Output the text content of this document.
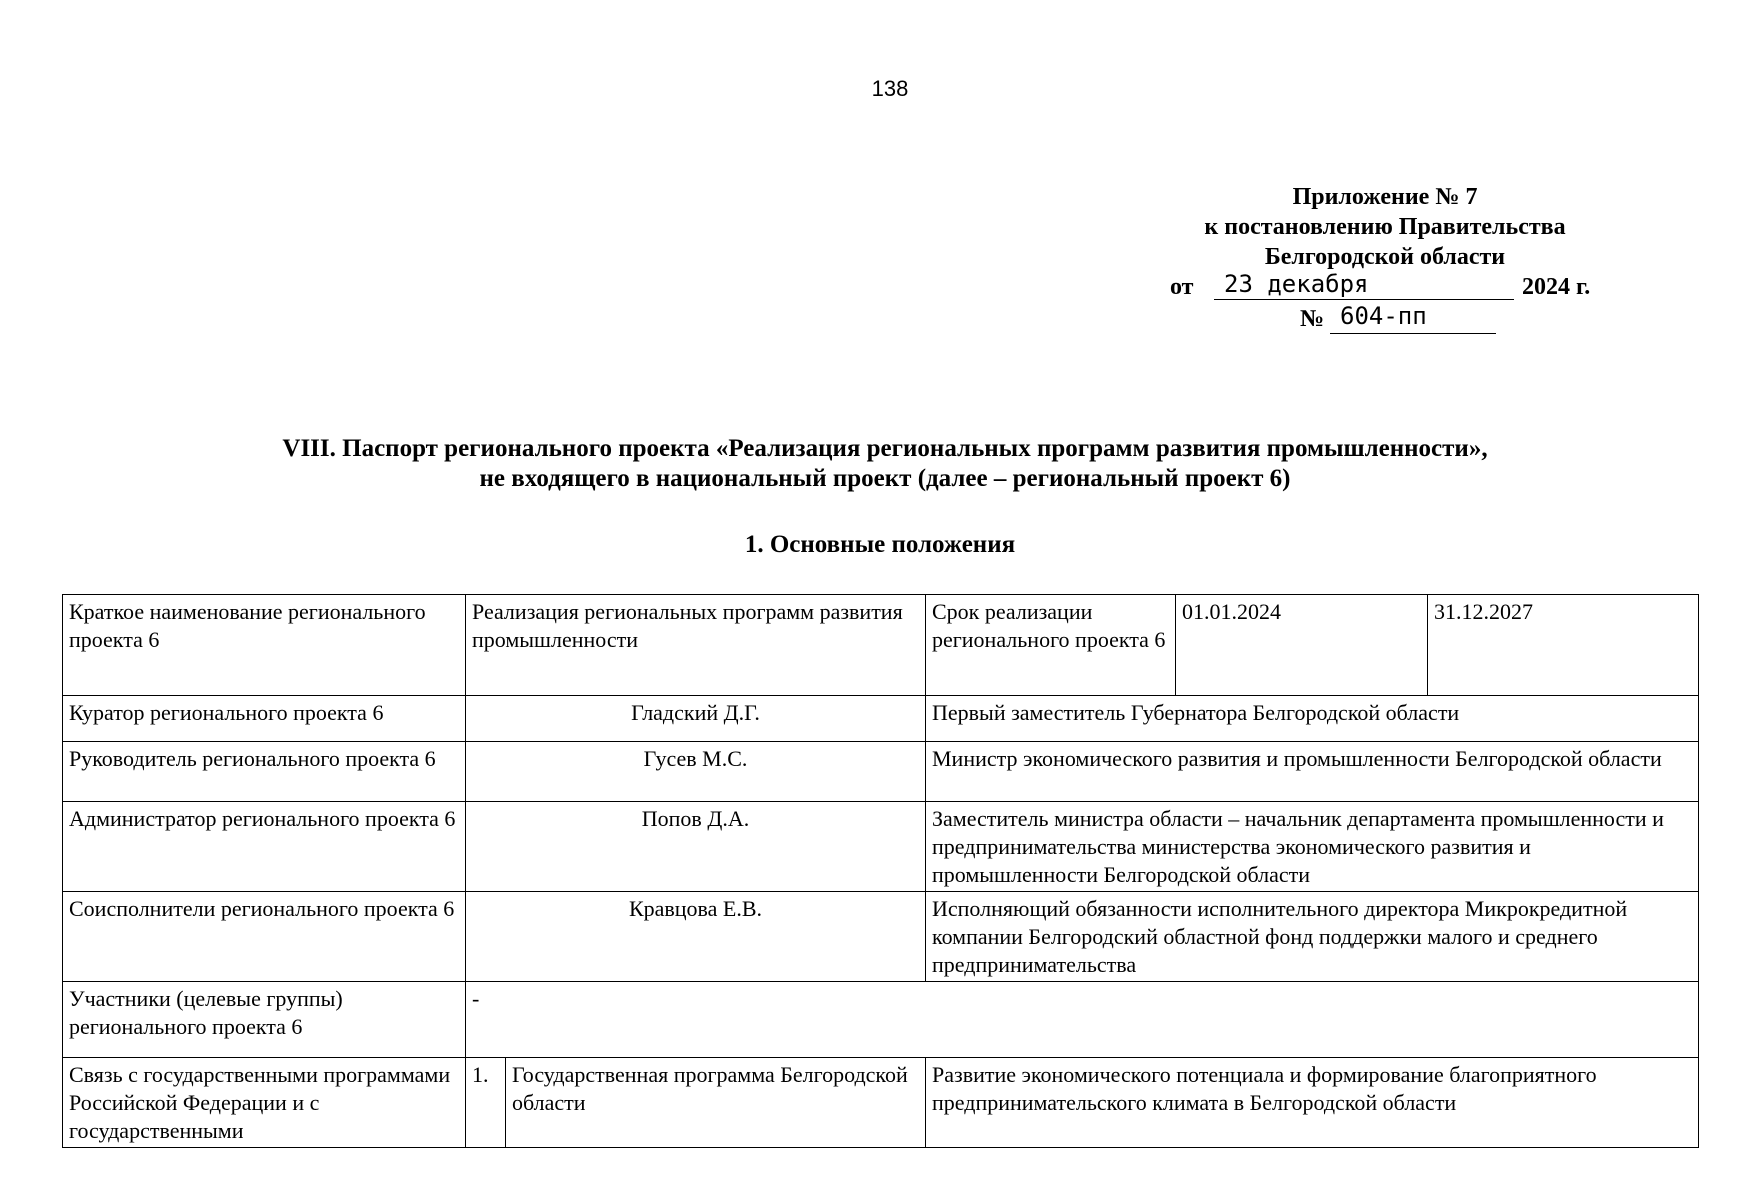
138
Приложение № 7
к постановлению Правительства
Белгородской области
от	23 декабря	2024 г.
№ 604-пп
VIII. Паспорт регионального проекта «Реализация региональных программ развития промышленности»,
не входящего в национальный проект (далее – региональный проект 6)
1. Основные положения
Краткое наименование регионального проекта 6	Реализация региональных программ развития промышленности		Срок реализации регионального проекта 6	01.01.2024	31.12.2027
Куратор регионального проекта 6	Гладский Д.Г.		Первый заместитель Губернатора Белгородской области		
Руководитель регионального проекта 6	Гусев М.С.		Министр экономического развития и промышленности Белгородской области		
Администратор регионального проекта 6	Попов Д.А.		Заместитель министра области – начальник департамента промышленности и предпринимательства министерства экономического развития и промышленности Белгородской области		
Соисполнители регионального проекта 6	Кравцова Е.В.		Исполняющий обязанности исполнительного директора Микрокредитной компании Белгородский областной фонд поддержки малого и среднего предпринимательства		
Участники (целевые группы) регионального проекта 6	-				
Связь с государственными программами Российской Федерации и с государственными	1.	Государственная программа Белгородской области	Развитие экономического потенциала и формирование благоприятного предпринимательского климата в Белгородской области		
